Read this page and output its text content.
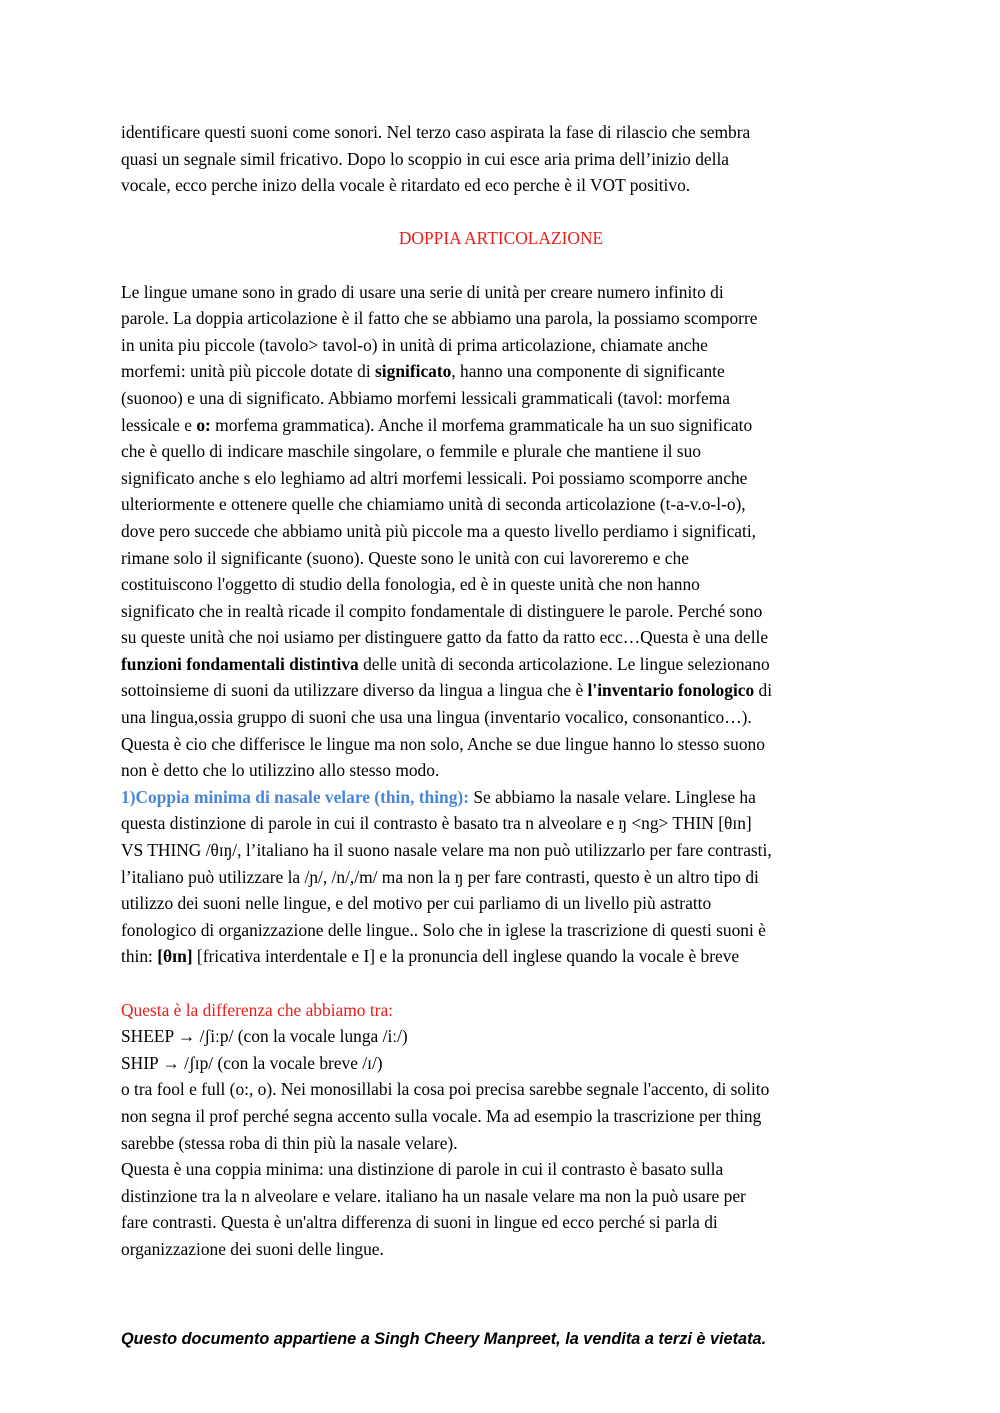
identificare questi suoni come sonori. Nel terzo caso aspirata la fase di rilascio che sembra
quasi un segnale simil fricativo. Dopo lo scoppio in cui esce aria prima dell’inizio della
vocale, ecco perche inizo della vocale è ritardato ed eco perche è il VOT positivo.

DOPPIA ARTICOLAZIONE

Le lingue umane sono in grado di usare una serie di unità per creare numero infinito di
parole. La doppia articolazione è il fatto che se abbiamo una parola, la possiamo scomporre
in unita piu piccole (tavolo> tavol-o) in unità di prima articolazione, chiamate anche
morfemi: unità più piccole dotate di significato, hanno una componente di significante
(suonoo) e una di significato. Abbiamo morfemi lessicali grammaticali (tavol: morfema
lessicale e o: morfema grammatica). Anche il morfema grammaticale ha un suo significato
che è quello di indicare maschile singolare, o femmile e plurale che mantiene il suo
significato anche s elo leghiamo ad altri morfemi lessicali. Poi possiamo scomporre anche
ulteriormente e ottenere quelle che chiamiamo unità di seconda articolazione (t-a-v.o-l-o),
dove pero succede che abbiamo unità più piccole ma a questo livello perdiamo i significati,
rimane solo il significante (suono). Queste sono le unità con cui lavoreremo e che
costituiscono l'oggetto di studio della fonologia, ed è in queste unità che non hanno
significato che in realtà ricade il compito fondamentale di distinguere le parole. Perché sono
su queste unità che noi usiamo per distinguere gatto da fatto da ratto ecc…Questa è una delle
funzioni fondamentali distintiva delle unità di seconda articolazione. Le lingue selezionano
sottoinsieme di suoni da utilizzare diverso da lingua a lingua che è l'inventario fonologico di
una lingua,ossia gruppo di suoni che usa una lingua (inventario vocalico, consonantico…).
Questa è cio che differisce le lingue ma non solo, Anche se due lingue hanno lo stesso suono
non è detto che lo utilizzino allo stesso modo.

1)Coppia minima di nasale velare (thin, thing): Se abbiamo la nasale velare. Linglese ha
questa distinzione di parole in cui il contrasto è basato tra n alveolare e ŋ <ng> THIN [θɪn]
VS THING /θɪŋ/, l’italiano ha il suono nasale velare ma non può utilizzarlo per fare contrasti,
l’italiano può utilizzare la /ɲ/, /n/,/m/ ma non la ŋ per fare contrasti, questo è un altro tipo di
utilizzo dei suoni nelle lingue, e del motivo per cui parliamo di un livello più astratto
fonologico di organizzazione delle lingue.. Solo che in iglese la trascrizione di questi suoni è
thin: [θɪn] [fricativa interdentale e I] e la pronuncia dell inglese quando la vocale è breve

Questa è la differenza che abbiamo tra:
SHEEP → /ʃiːp/ (con la vocale lunga /iː/)
SHIP → /ʃɪp/ (con la vocale breve /ɪ/)
o tra fool e full (o:, o). Nei monosillabi la cosa poi precisa sarebbe segnale l'accento, di solito
non segna il prof perché segna accento sulla vocale. Ma ad esempio la trascrizione per thing
sarebbe (stessa roba di thin più la nasale velare).
Questa è una coppia minima: una distinzione di parole in cui il contrasto è basato sulla
distinzione tra la n alveolare e velare. italiano ha un nasale velare ma non la può usare per
fare contrasti. Questa è un'altra differenza di suoni in lingue ed ecco perché si parla di
organizzazione dei suoni delle lingue.

Questo documento appartiene a Singh Cheery Manpreet, la vendita a terzi è vietata.
